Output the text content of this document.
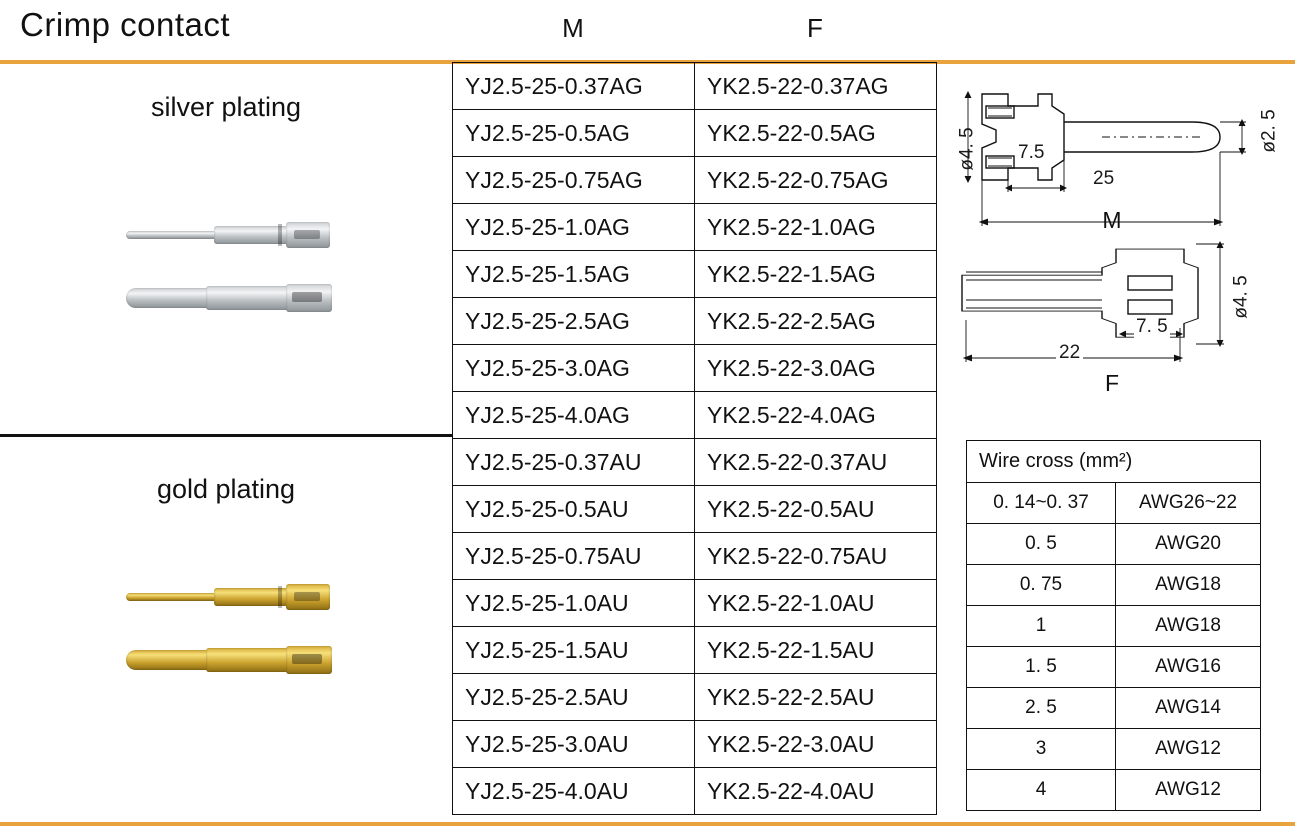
Crimp contact	M	F
silver plating
gold plating
YJ2.5-25-0.37AG	YK2.5-22-0.37AG
YJ2.5-25-0.5AG	YK2.5-22-0.5AG
YJ2.5-25-0.75AG	YK2.5-22-0.75AG
YJ2.5-25-1.0AG	YK2.5-22-1.0AG
YJ2.5-25-1.5AG	YK2.5-22-1.5AG
YJ2.5-25-2.5AG	YK2.5-22-2.5AG
YJ2.5-25-3.0AG	YK2.5-22-3.0AG
YJ2.5-25-4.0AG	YK2.5-22-4.0AG
YJ2.5-25-0.37AU	YK2.5-22-0.37AU
YJ2.5-25-0.5AU	YK2.5-22-0.5AU
YJ2.5-25-0.75AU	YK2.5-22-0.75AU
YJ2.5-25-1.0AU	YK2.5-22-1.0AU
YJ2.5-25-1.5AU	YK2.5-22-1.5AU
YJ2.5-25-2.5AU	YK2.5-22-2.5AU
YJ2.5-25-3.0AU	YK2.5-22-3.0AU
YJ2.5-25-4.0AU	YK2.5-22-4.0AU
ø4. 5 7.5
25
ø2. 5
M
7. 5
22
ø4. 5
F
Wire cross (mm²)	
0. 14~0. 37	AWG26~22
0. 5	AWG20
0. 75	AWG18
1	AWG18
1. 5	AWG16
2. 5	AWG14
3	AWG12
4	AWG12
